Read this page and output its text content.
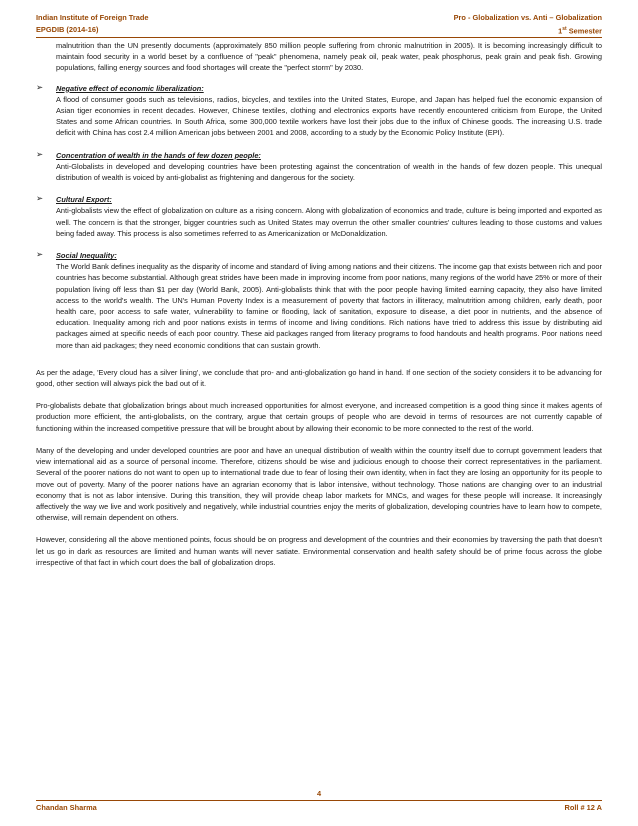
Indian Institute of Foreign Trade	Pro - Globalization vs. Anti – Globalization
EPGDIB (2014-16)	1st Semester

malnutrition than the UN presently documents (approximately 850 million people suffering from chronic malnutrition in 2005). It is becoming increasingly difficult to maintain food security in a world beset by a confluence of "peak" phenomena, namely peak oil, peak water, peak phosphorus, peak grain and peak fish. Growing populations, falling energy sources and food shortages will create the "perfect storm" by 2030.

➢ Negative effect of economic liberalization:

A flood of consumer goods such as televisions, radios, bicycles, and textiles into the United States, Europe, and Japan has helped fuel the economic expansion of Asian tiger economies in recent decades. However, Chinese textiles, clothing and electronics exports have recently encountered criticism from Europe, the United States and some African countries. In South Africa, some 300,000 textile workers have lost their jobs due to the influx of Chinese goods. The increasing U.S. trade deficit with China has cost 2.4 million American jobs between 2001 and 2008, according to a study by the Economic Policy Institute (EPI).

➢ Concentration of wealth in the hands of few dozen people:

Anti-Globalists in developed and developing countries have been protesting against the concentration of wealth in the hands of few dozen people. This unequal distribution of wealth is voiced by anti-globalist as frightening and dangerous for the society.

➢ Cultural Export:

Anti-globalists view the effect of globalization on culture as a rising concern. Along with globalization of economics and trade, culture is being imported and exported as well. The concern is that the stronger, bigger countries such as United States may overrun the other smaller countries' cultures leading to those customs and values being faded away. This process is also sometimes referred to as Americanization or McDonaldization.

➢ Social Inequality:

The World Bank defines inequality as the disparity of income and standard of living among nations and their citizens. The income gap that exists between rich and poor countries has become substantial. Although great strides have been made in improving income from poor nations, many regions of the world have 25% or more of their population living off less than $1 per day (World Bank, 2005). Anti-globalists think that with the poor people having limited earning capacity, they also have limited access to the world's wealth. The UN's Human Poverty Index is a measurement of poverty that factors in illiteracy, malnutrition among children, early death, poor health care, poor access to safe water, vulnerability to famine or flooding, lack of sanitation, exposure to disease, a diet poor in nutrients, and the absence of education. Inequality among rich and poor nations exists in terms of income and living conditions. Rich nations have tried to address this issue by distributing aid packages aimed at specific needs of each poor country. These aid packages ranged from literacy programs to food handouts and health programs. Poor nations need more than aid packages; they need economic conditions that can sustain growth.

As per the adage, 'Every cloud has a silver lining', we conclude that pro- and anti-globalization go hand in hand. If one section of the society considers it to be advancing for good, other section will always pick the bad out of it.

Pro-globalists debate that globalization brings about much increased opportunities for almost everyone, and increased competition is a good thing since it makes agents of production more efficient, the anti-globalists, on the contrary, argue that certain groups of people who are devoid in terms of resources are not currently capable of functioning within the increased competitive pressure that will be brought about by allowing their economic to be more connected to the rest of the world.

Many of the developing and under developed countries are poor and have an unequal distribution of wealth within the country itself due to corrupt government leaders that view international aid as a source of personal income. Therefore, citizens should be wise and judicious enough to choose their correct representatives in the parliament. Several of the poorer nations do not want to open up to international trade due to fear of losing their own identity, when in fact they are losing an opportunity for its people to move out of poverty. Many of the poorer nations have an agrarian economy that is labor intensive, without technology. Those nations are changing over to an industrial economy that is not as labor intensive. During this transition, they will provide cheap labor markets for MNCs, and wages for these people will increase. It increasingly affectively the way we live and work positively and negatively, while industrial countries enjoy the merits of globalization, developing countries have to learn how to compete, otherwise, will remain dependent on others.

However, considering all the above mentioned points, focus should be on progress and development of the countries and their economies by traversing the path that doesn't let us go in dark as resources are limited and human wants will never satiate. Environmental conservation and health safety should be of prime focus across the globe irrespective of that fact in which court does the ball of globalization drops.

4
Chandan Sharma	Roll # 12 A
